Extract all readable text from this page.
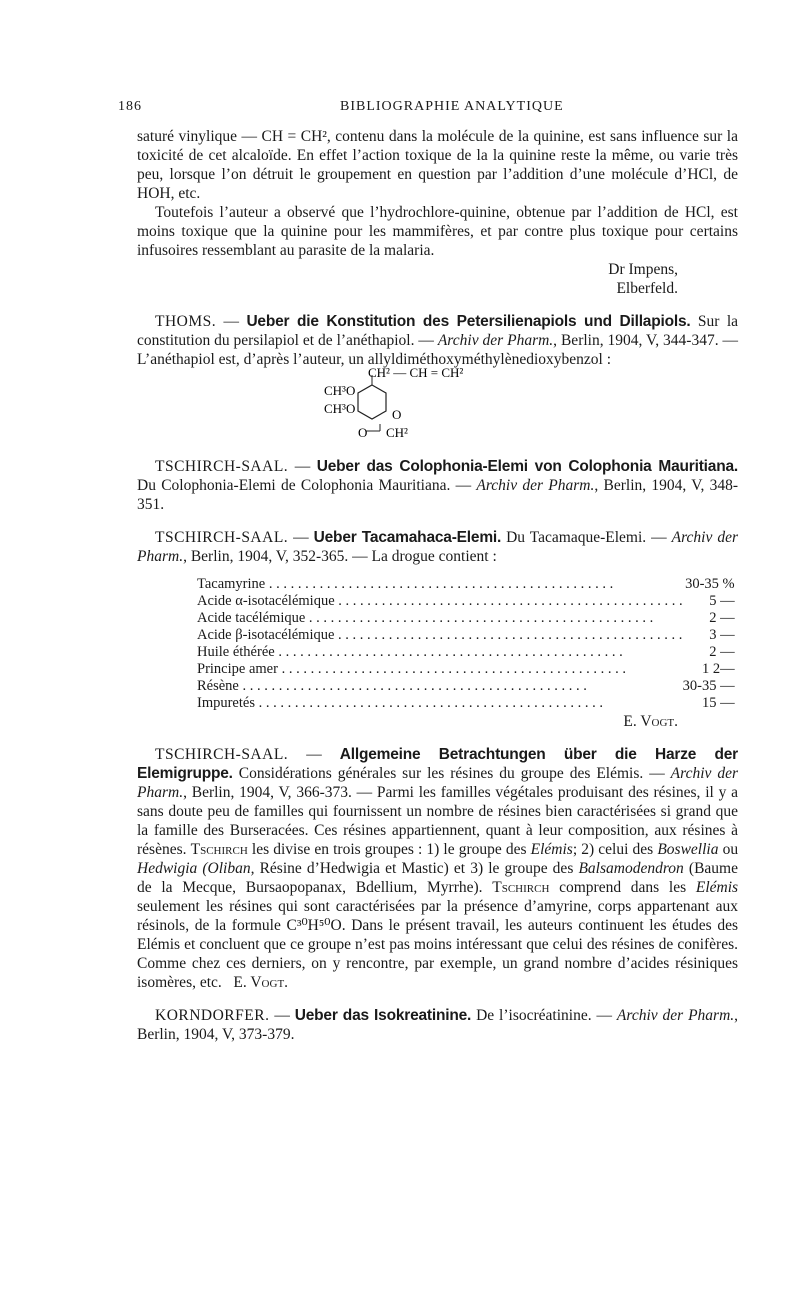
186	BIBLIOGRAPHIE ANALYTIQUE

saturé vinylique — CH = CH², contenu dans la molécule de la quinine, est sans influence sur la toxicité de cet alcaloïde. En effet l’action toxique de la la quinine reste la même, ou varie très peu, lorsque l’on détruit le groupement en question par l’addition d’une molécule d’HCl, de HOH, etc.

Toutefois l’auteur a observé que l’hydrochlore-quinine, obtenue par l’addition de HCl, est moins toxique que la quinine pour les mammifères, et par contre plus toxique pour certains infusoires ressemblant au parasite de la malaria.

Dr Impens,

Elberfeld.

THOMS. — Ueber die Konstitution des Petersilienapiols und Dillapiols. Sur la constitution du persilapiol et de l’anéthapiol. — Archiv der Pharm., Berlin, 1904, V, 344-347. — L’anéthapiol est, d’après l’auteur, un allyldiméthoxyméthylènedioxybenzol :

CH² — CH = CH²
CH³O
CH³O	O
O CH²

TSCHIRCH-SAAL. — Ueber das Colophonia-Elemi von Colophonia Mauritiana. Du Colophonia-Elemi de Colophonia Mauritiana. — Archiv der Pharm., Berlin, 1904, V, 348-351.

TSCHIRCH-SAAL. — Ueber Tacamahaca-Elemi. Du Tacamaque-Elemi. — Archiv der Pharm., Berlin, 1904, V, 352-365. — La drogue contient :

Tacamyrine . . .	30-35 %
Acide α-isotacélémique . . .	5 —
Acide tacélémique . . .	2 —
Acide β-isotacélémique . . .	3 —
Huile éthérée . . .	2 —
Principe amer . . .	1 2—
Résène . . .	30-35 —
Impuretés . . .	15 —

E. Vogt.

TSCHIRCH-SAAL. — Allgemeine Betrachtungen über die Harze der Elemigruppe. Considérations générales sur les résines du groupe des Elémis. — Archiv der Pharm., Berlin, 1904, V, 366-373. — Parmi les familles végétales produisant des résines, il y a sans doute peu de familles qui fournissent un nombre de résines bien caractérisées si grand que la famille des Burseracées. Ces résines appartiennent, quant à leur composition, aux résines à résènes. Tschirch les divise en trois groupes : 1) le groupe des Elémis; 2) celui des Boswellia ou Hedwigia (Oliban, Résine d’Hedwigia et Mastic) et 3) le groupe des Balsamodendron (Baume de la Mecque, Bursaopopanax, Bdellium, Myrrhe). Tschirch comprend dans les Elémis seulement les résines qui sont caractérisées par la présence d’amyrine, corps appartenant aux résinols, de la formule C³⁰H⁵⁰O. Dans le présent travail, les auteurs continuent les études des Elémis et concluent que ce groupe n’est pas moins intéressant que celui des résines de conifères. Comme chez ces derniers, on y rencontre, par exemple, un grand nombre d’acides résiniques isomères, etc. E. Vogt.

KORNDORFER. — Ueber das Isokreatinine. De l’isocréatinine. — Archiv der Pharm., Berlin, 1904, V, 373-379.
